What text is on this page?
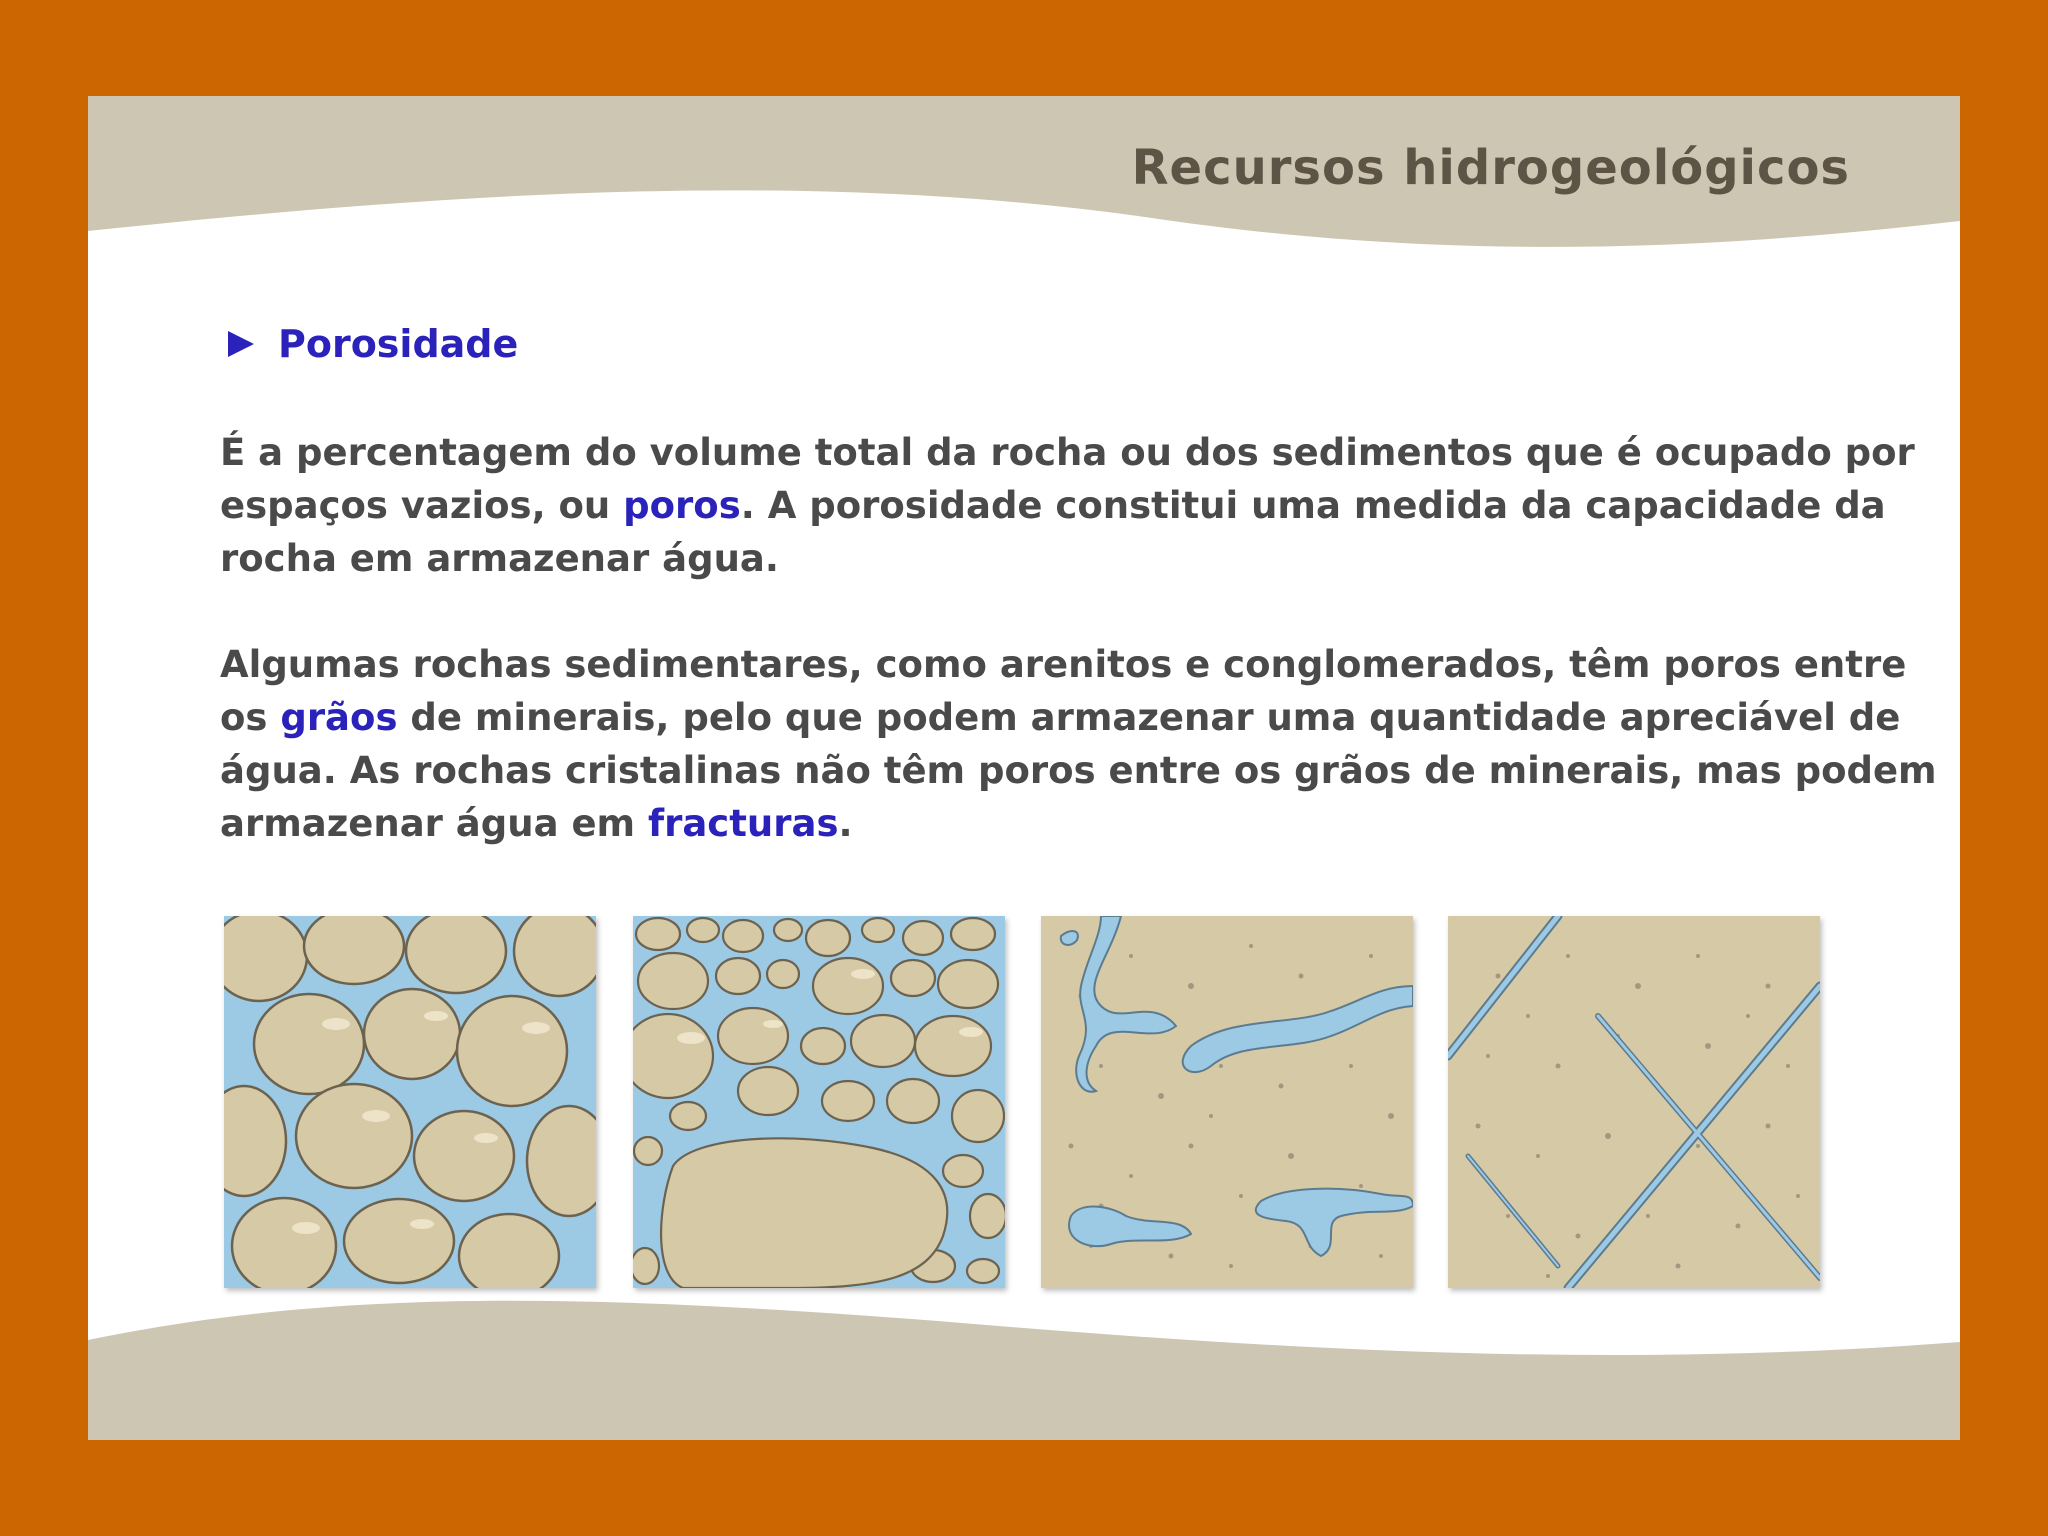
Recursos hidrogeológicos
Porosidade

É a percentagem do volume total da rocha ou dos sedimentos que é ocupado por espaços vazios, ou poros. A porosidade constitui uma medida da capacidade da rocha em armazenar água.

Algumas rochas sedimentares, como arenitos e conglomerados, têm poros entre os grãos de minerais, pelo que podem armazenar uma quantidade apreciável de água. As rochas cristalinas não têm poros entre os grãos de minerais, mas podem armazenar água em fracturas.
